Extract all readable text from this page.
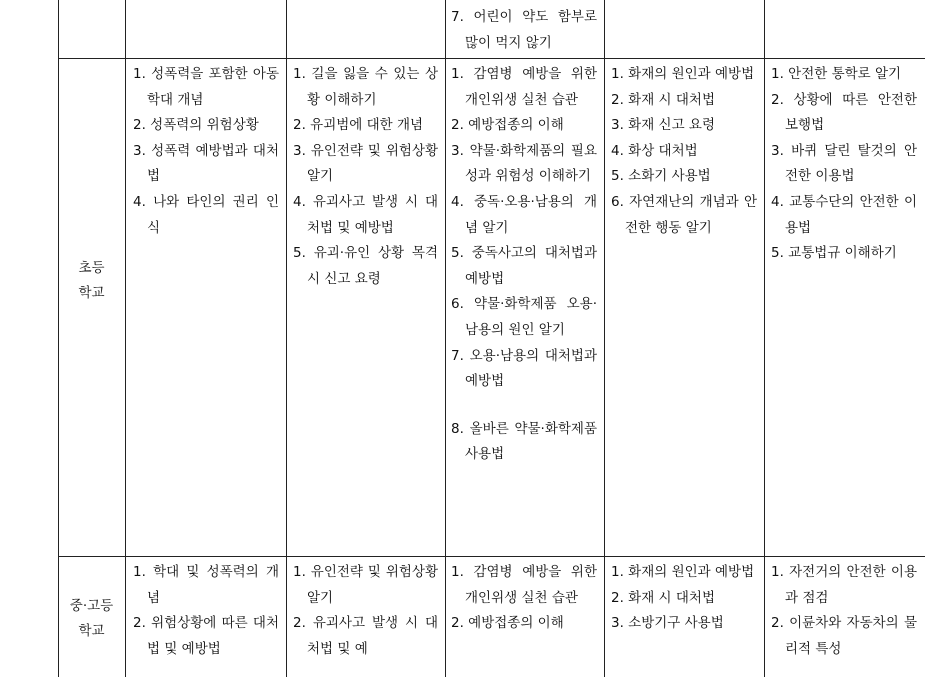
7. 어린이 약도 함부로 많이 먹지 않기
초등
학교
1. 성폭력을 포함한 아동학대 개념
2. 성폭력의 위험상황
3. 성폭력 예방법과 대처법
4. 나와 타인의 권리 인식
1. 길을 잃을 수 있는 상황 이해하기
2. 유괴범에 대한 개념
3. 유인전략 및 위험상황 알기
4. 유괴사고 발생 시 대처법 및 예방법
5. 유괴·유인 상황 목격 시 신고 요령
1. 감염병 예방을 위한 개인위생 실천 습관
2. 예방접종의 이해
3. 약물·화학제품의 필요성과 위험성 이해하기
4. 중독·오용·남용의 개념 알기
5. 중독사고의 대처법과 예방법
6. 약물·화학제품 오용·남용의 원인 알기
7. 오용·남용의 대처법과 예방법
8. 올바른 약물·화학제품 사용법
1. 화재의 원인과 예방법
2. 화재 시 대처법
3. 화재 신고 요령
4. 화상 대처법
5. 소화기 사용법
6. 자연재난의 개념과 안전한 행동 알기
1. 안전한 통학로 알기
2. 상황에 따른 안전한 보행법
3. 바퀴 달린 탈것의 안전한 이용법
4. 교통수단의 안전한 이용법
5. 교통법규 이해하기
중·고등
학교
1. 학대 및 성폭력의 개념
2. 위험상황에 따른 대처법 및 예방법
1. 유인전략 및 위험상황 알기
2. 유괴사고 발생 시 대처법 및 예
1. 감염병 예방을 위한 개인위생 실천 습관
2. 예방접종의 이해
1. 화재의 원인과 예방법
2. 화재 시 대처법
3. 소방기구 사용법
1. 자전거의 안전한 이용과 점검
2. 이륜차와 자동차의 물리적 특성
